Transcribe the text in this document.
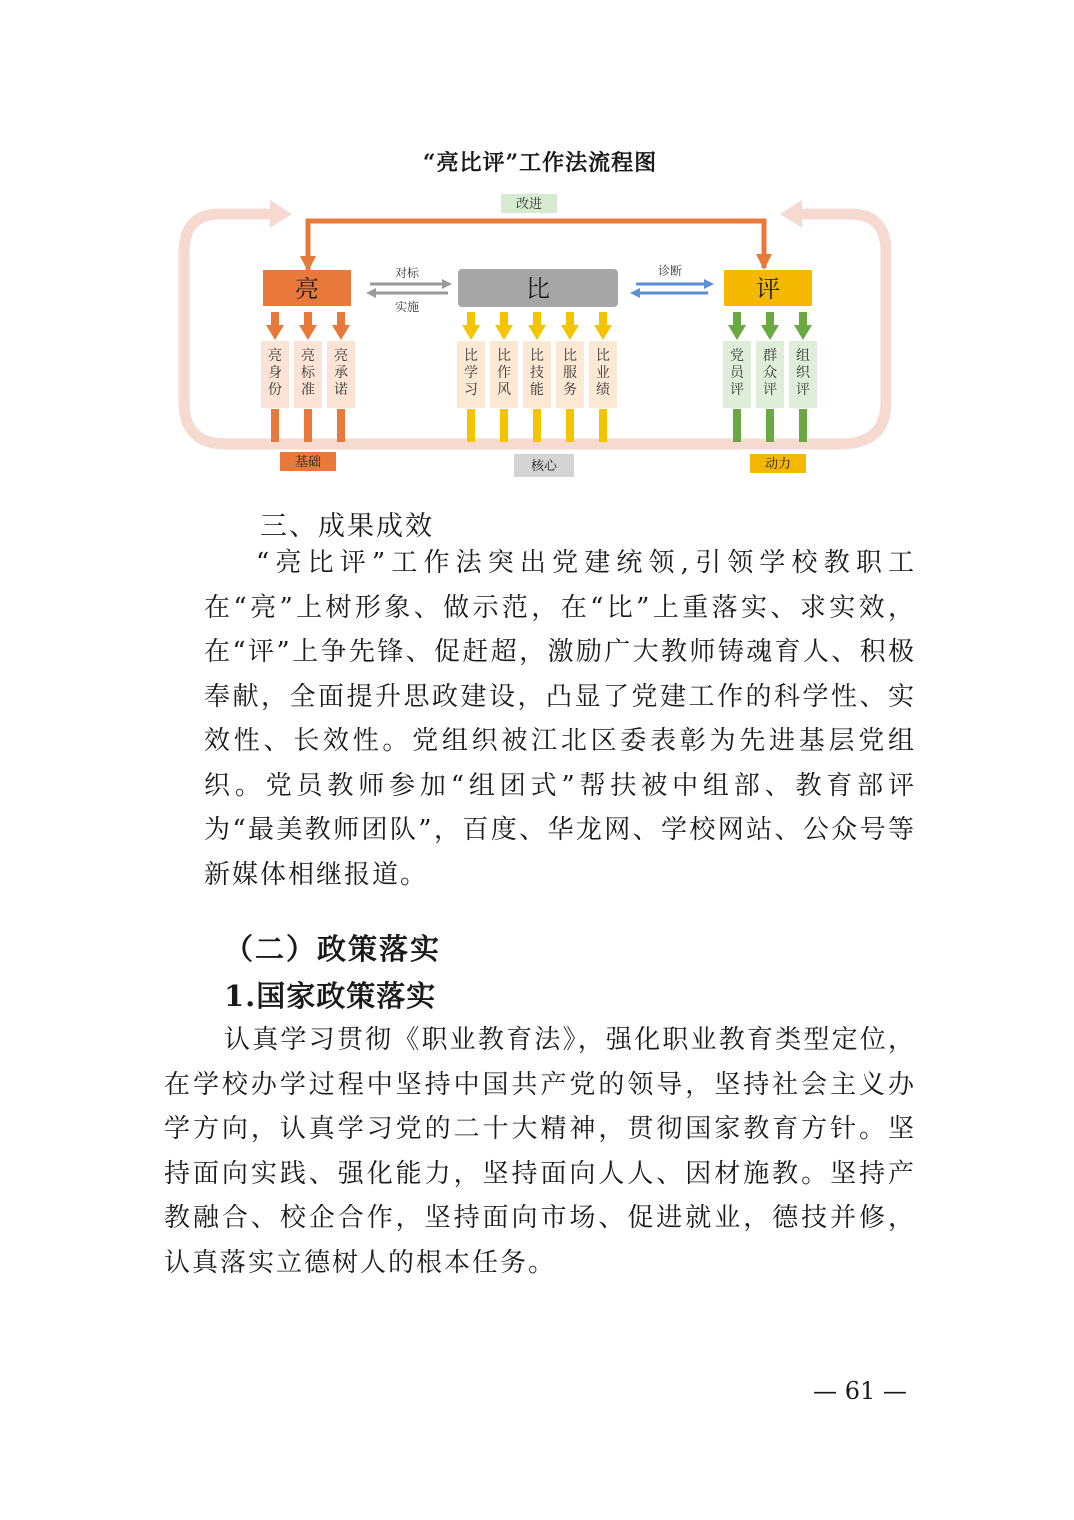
“亮比评”工作法流程图
改进
亮	比	评
对标
实施
诊断
亮
身
份
亮
标
准
亮
承
诺
比
学
习
比
作
风
比
技
能
比
服
务
比
业
绩
党
员
评
群
众
评
组
织
评
基础	核心	动力
三、成果成效

“亮比评”工作法突出党建统领,引领学校教职工在“亮”上树形象、做示范，在“比”上重落实、求实效，在“评”上争先锋、促赶超，激励广大教师铸魂育人、积极奉献，全面提升思政建设，凸显了党建工作的科学性、实效性、长效性。党组织被江北区委表彰为先进基层党组织。党员教师参加“组团式”帮扶被中组部、教育部评为“最美教师团队”，百度、华龙网、学校网站、公众号等新媒体相继报道。

（二）政策落实
1.国家政策落实

认真学习贯彻《职业教育法》，强化职业教育类型定位，在学校办学过程中坚持中国共产党的领导，坚持社会主义办学方向，认真学习党的二十大精神，贯彻国家教育方针。坚持面向实践、强化能力，坚持面向人人、因材施教。坚持产教融合、校企合作，坚持面向市场、促进就业，德技并修，认真落实立德树人的根本任务。

— 61 —
